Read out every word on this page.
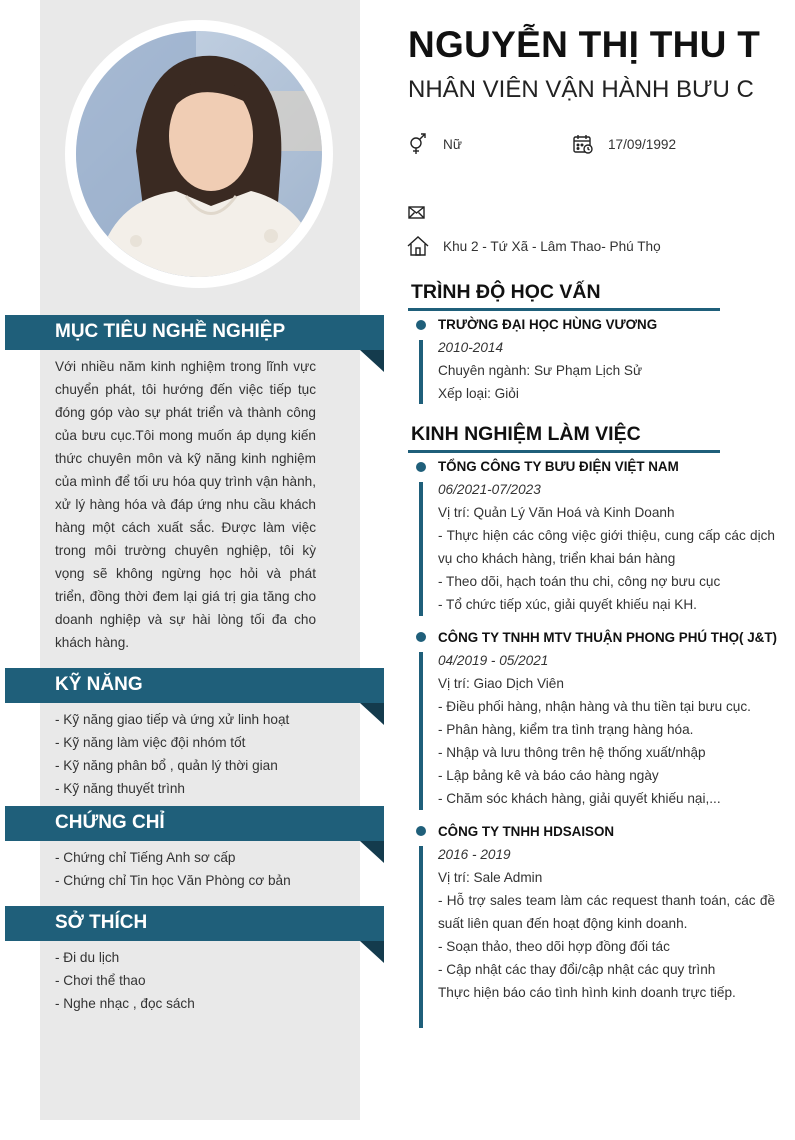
MỤC TIÊU NGHỀ NGHIỆP
Với nhiều năm kinh nghiệm trong lĩnh vực chuyển phát, tôi hướng đến việc tiếp tục đóng góp vào sự phát triển và thành công của bưu cục.Tôi mong muốn áp dụng kiến thức chuyên môn và kỹ năng kinh nghiệm của mình để tối ưu hóa quy trình vận hành, xử lý hàng hóa và đáp ứng nhu cầu khách hàng một cách xuất sắc. Được làm việc trong môi trường chuyên nghiệp, tôi kỳ vọng sẽ không ngừng học hỏi và phát triển, đồng thời đem lại giá trị gia tăng cho doanh nghiệp và sự hài lòng tối đa cho khách hàng.
KỸ NĂNG
- Kỹ năng giao tiếp và ứng xử linh hoạt
- Kỹ năng làm việc đội nhóm tốt
- Kỹ năng phân bổ , quản lý thời gian
- Kỹ năng thuyết trình
CHỨNG CHỈ
- Chứng chỉ Tiếng Anh sơ cấp
- Chứng chỉ Tin học Văn Phòng cơ bản
SỞ THÍCH
- Đi du lịch
- Chơi thể thao
- Nghe nhạc , đọc sách
NGUYỄN THỊ THU T
NHÂN VIÊN VẬN HÀNH BƯU C
Nữ	17/09/1992
Khu 2 - Tứ Xã - Lâm Thao- Phú Thọ
TRÌNH ĐỘ HỌC VẤN
TRƯỜNG ĐẠI HỌC HÙNG VƯƠNG
2010-2014
Chuyên ngành: Sư Phạm Lịch Sử
Xếp loại: Giỏi
KINH NGHIỆM LÀM VIỆC
TỔNG CÔNG TY BƯU ĐIỆN VIỆT NAM
06/2021-07/2023
Vị trí: Quản Lý Văn Hoá và Kinh Doanh
- Thực hiện các công việc giới thiệu, cung cấp các dịch vụ cho khách hàng, triển khai bán hàng
- Theo dõi, hạch toán thu chi, công nợ bưu cục
- Tổ chức tiếp xúc, giải quyết khiếu nại KH.
CÔNG TY TNHH MTV THUẬN PHONG PHÚ THỌ( J&T)
04/2019 - 05/2021
Vị trí: Giao Dịch Viên
- Điều phối hàng, nhận hàng và thu tiền tại bưu cục.
- Phân hàng, kiểm tra tình trạng hàng hóa.
- Nhập và lưu thông trên hệ thống xuất/nhập
- Lập bảng kê và báo cáo hàng ngày
- Chăm sóc khách hàng, giải quyết khiếu nại,...
CÔNG TY TNHH HDSAISON
2016 - 2019
Vị trí: Sale Admin
- Hỗ trợ sales team làm các request thanh toán, các đề suất liên quan đến hoạt động kinh doanh.
- Soạn thảo, theo dõi hợp đồng đối tác
- Cập nhật các thay đổi/cập nhật các quy trình
Thực hiện báo cáo tình hình kinh doanh trực tiếp.
